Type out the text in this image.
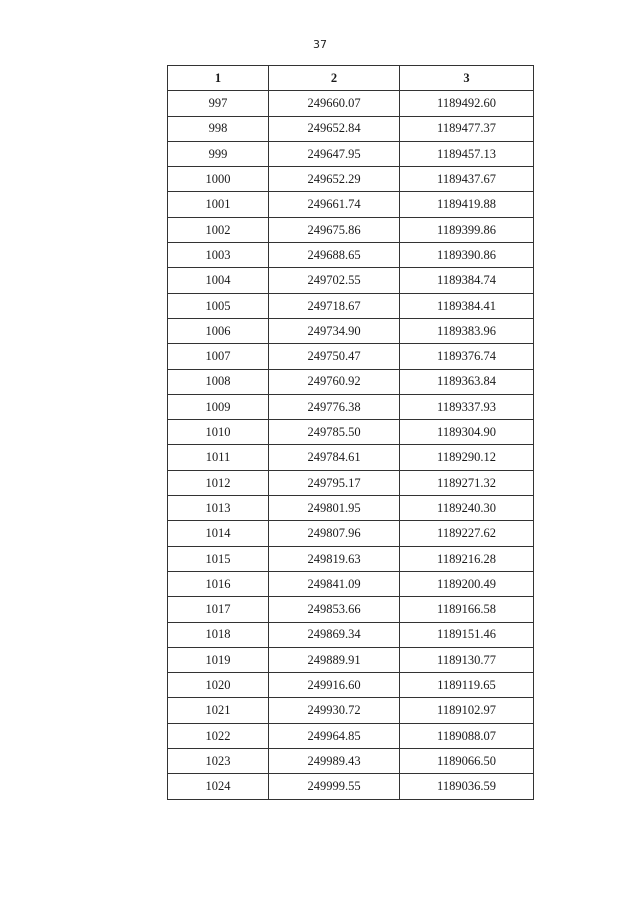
37
1	2	3
997	249660.07	1189492.60
998	249652.84	1189477.37
999	249647.95	1189457.13
1000	249652.29	1189437.67
1001	249661.74	1189419.88
1002	249675.86	1189399.86
1003	249688.65	1189390.86
1004	249702.55	1189384.74
1005	249718.67	1189384.41
1006	249734.90	1189383.96
1007	249750.47	1189376.74
1008	249760.92	1189363.84
1009	249776.38	1189337.93
1010	249785.50	1189304.90
1011	249784.61	1189290.12
1012	249795.17	1189271.32
1013	249801.95	1189240.30
1014	249807.96	1189227.62
1015	249819.63	1189216.28
1016	249841.09	1189200.49
1017	249853.66	1189166.58
1018	249869.34	1189151.46
1019	249889.91	1189130.77
1020	249916.60	1189119.65
1021	249930.72	1189102.97
1022	249964.85	1189088.07
1023	249989.43	1189066.50
1024	249999.55	1189036.59
